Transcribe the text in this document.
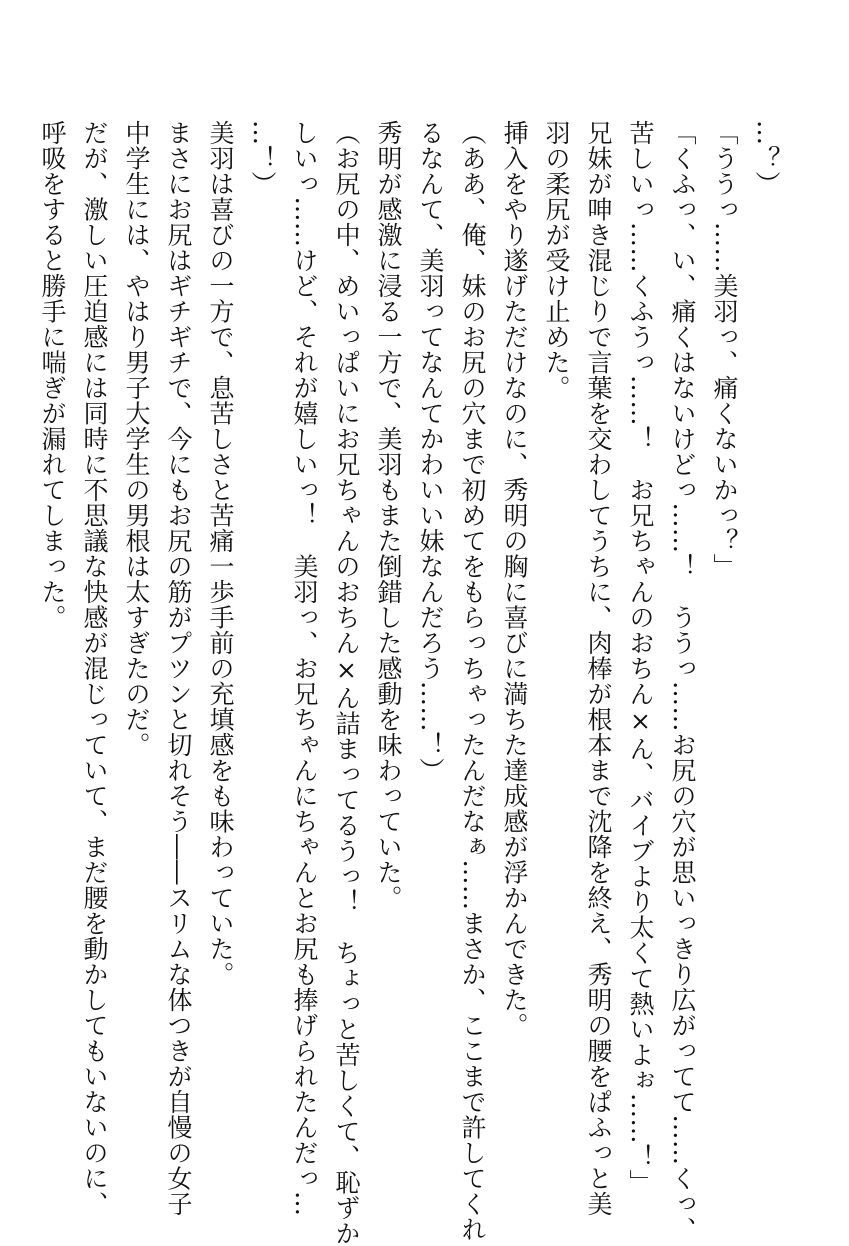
…？）

「ううっ……美羽っ、痛くないかっ？」

「くふっ、い、痛くはないけどっ……！　ううっ……お尻の穴が思いっきり広がってて……くっ、

苦しいっ……くふうっ……！　お兄ちゃんのおちん×ん、バイブより太くて熱いよぉ……！」

兄妹が呻き混じりで言葉を交わしてうちに、肉棒が根本まで沈降を終え、秀明の腰をぱふっと美

羽の柔尻が受け止めた。

挿入をやり遂げただけなのに、秀明の胸に喜びに満ちた達成感が浮かんできた。

（ああ、俺、妹のお尻の穴まで初めてをもらっちゃったんだなぁ……まさか、ここまで許してくれ

るなんて、美羽ってなんてかわいい妹なんだろう……！）

秀明が感激に浸る一方で、美羽もまた倒錯した感動を味わっていた。

（お尻の中、めいっぱいにお兄ちゃんのおちん×ん詰まってるうっ！　ちょっと苦しくて、恥ずか

しいっ……けど、それが嬉しいっ！　美羽っ、お兄ちゃんにちゃんとお尻も捧げられたんだっ…

…！）

美羽は喜びの一方で、息苦しさと苦痛一歩手前の充填感をも味わっていた。

まさにお尻はギチギチで、今にもお尻の筋がプツンと切れそう――スリムな体つきが自慢の女子

中学生には、やはり男子大学生の男根は太すぎたのだ。

だが、激しい圧迫感には同時に不思議な快感が混じっていて、まだ腰を動かしてもいないのに、

呼吸をすると勝手に喘ぎが漏れてしまった。
